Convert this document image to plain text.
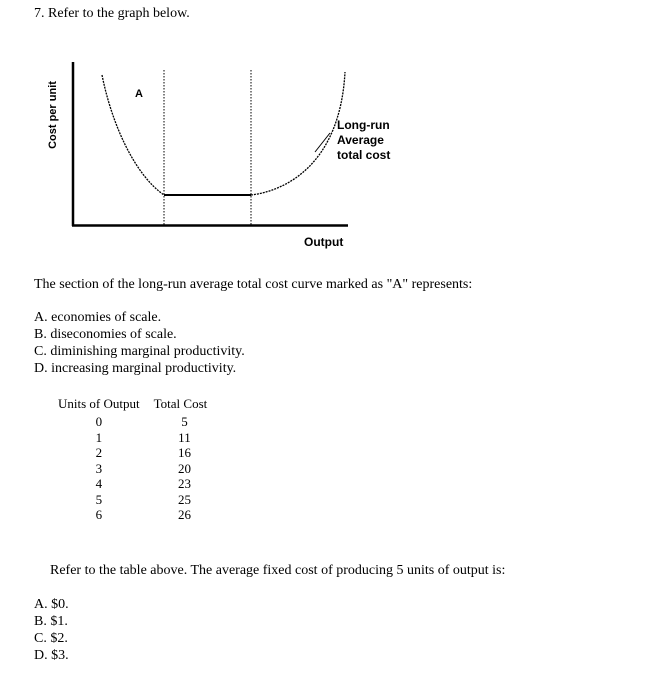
7. Refer to the graph below.
Cost per unit	A
Long-run
Average
total cost
Output
The section of the long-run average total cost curve marked as "A" represents:
A. economies of scale.
B. diseconomies of scale.
C. diminishing marginal productivity.
D. increasing marginal productivity.
Units of Output	Total Cost
0	5
1	11
2	16
3	20
4	23
5	25
6	26
Refer to the table above. The average fixed cost of producing 5 units of output is:
A. $0.
B. $1.
C. $2.
D. $3.
